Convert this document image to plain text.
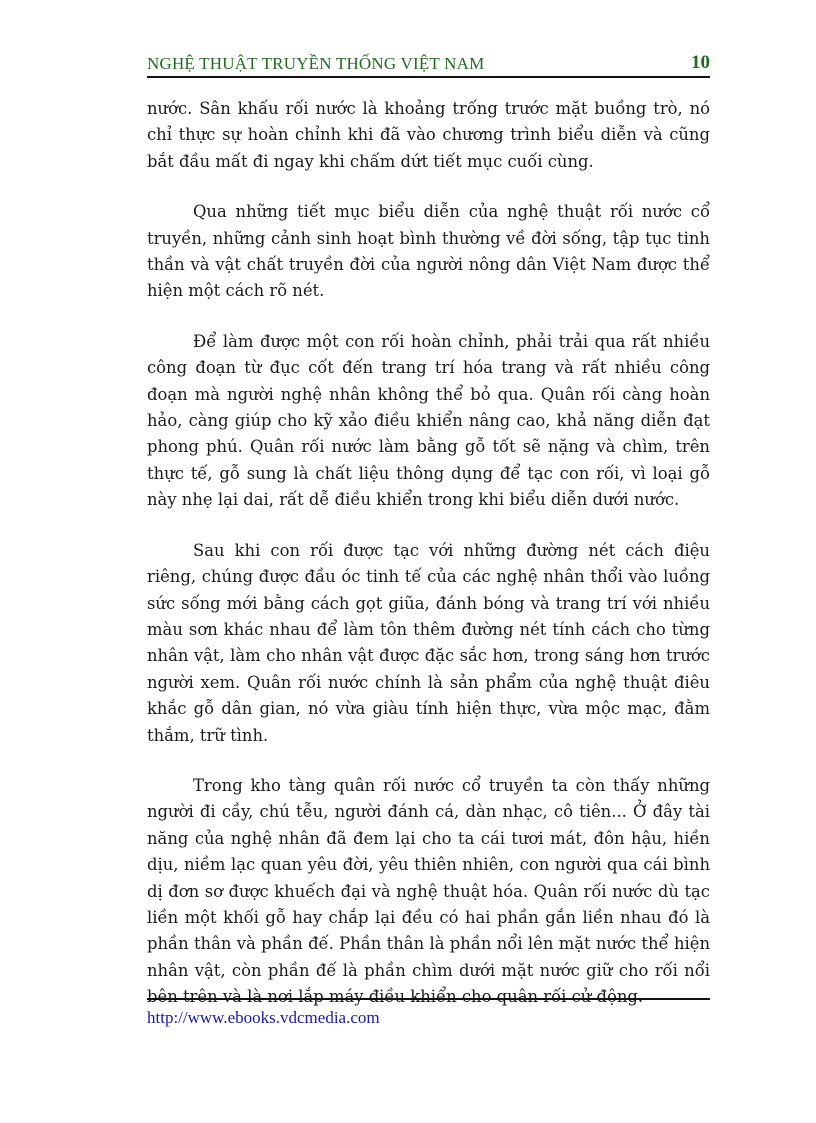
NGHỆ THUẬT TRUYỀN THỐNG VIỆT NAM	10

nước. Sân khấu rối nước là khoảng trống trước mặt buồng trò, nó chỉ thực sự hoàn chỉnh khi đã vào chương trình biểu diễn và cũng bắt đầu mất đi ngay khi chấm dứt tiết mục cuối cùng.

Qua những tiết mục biểu diễn của nghệ thuật rối nước cổ truyền, những cảnh sinh hoạt bình thường về đời sống, tập tục tinh thần và vật chất truyền đời của người nông dân Việt Nam được thể hiện một cách rõ nét.

Để làm được một con rối hoàn chỉnh, phải trải qua rất nhiều công đoạn từ đục cốt đến trang trí hóa trang và rất nhiều công đoạn mà người nghệ nhân không thể bỏ qua. Quân rối càng hoàn hảo, càng giúp cho kỹ xảo điều khiển nâng cao, khả năng diễn đạt phong phú. Quân rối nước làm bằng gỗ tốt sẽ nặng và chìm, trên thực tế, gỗ sung là chất liệu thông dụng để tạc con rối, vì loại gỗ này nhẹ lại dai, rất dễ điều khiển trong khi biểu diễn dưới nước.

Sau khi con rối được tạc với những đường nét cách điệu riêng, chúng được đầu óc tinh tế của các nghệ nhân thổi vào luồng sức sống mới bằng cách gọt giũa, đánh bóng và trang trí với nhiều màu sơn khác nhau để làm tôn thêm đường nét tính cách cho từng nhân vật, làm cho nhân vật được đặc sắc hơn, trong sáng hơn trước người xem. Quân rối nước chính là sản phẩm của nghệ thuật điêu khắc gỗ dân gian, nó vừa giàu tính hiện thực, vừa mộc mạc, đằm thắm, trữ tình.

Trong kho tàng quân rối nước cổ truyền ta còn thấy những người đi cầy, chú tễu, người đánh cá, dàn nhạc, cô tiên... Ở đây tài năng của nghệ nhân đã đem lại cho ta cái tươi mát, đôn hậu, hiền dịu, niềm lạc quan yêu đời, yêu thiên nhiên, con người qua cái bình dị đơn sơ được khuếch đại và nghệ thuật hóa. Quân rối nước dù tạc liền một khối gỗ hay chắp lại đều có hai phần gắn liền nhau đó là phần thân và phần đế. Phần thân là phần nổi lên mặt nước thể hiện nhân vật, còn phần đế là phần chìm dưới mặt nước giữ cho rối nổi bên trên và là nơi lắp máy điều khiển cho quân rối cử động.

http://www.ebooks.vdcmedia.com
